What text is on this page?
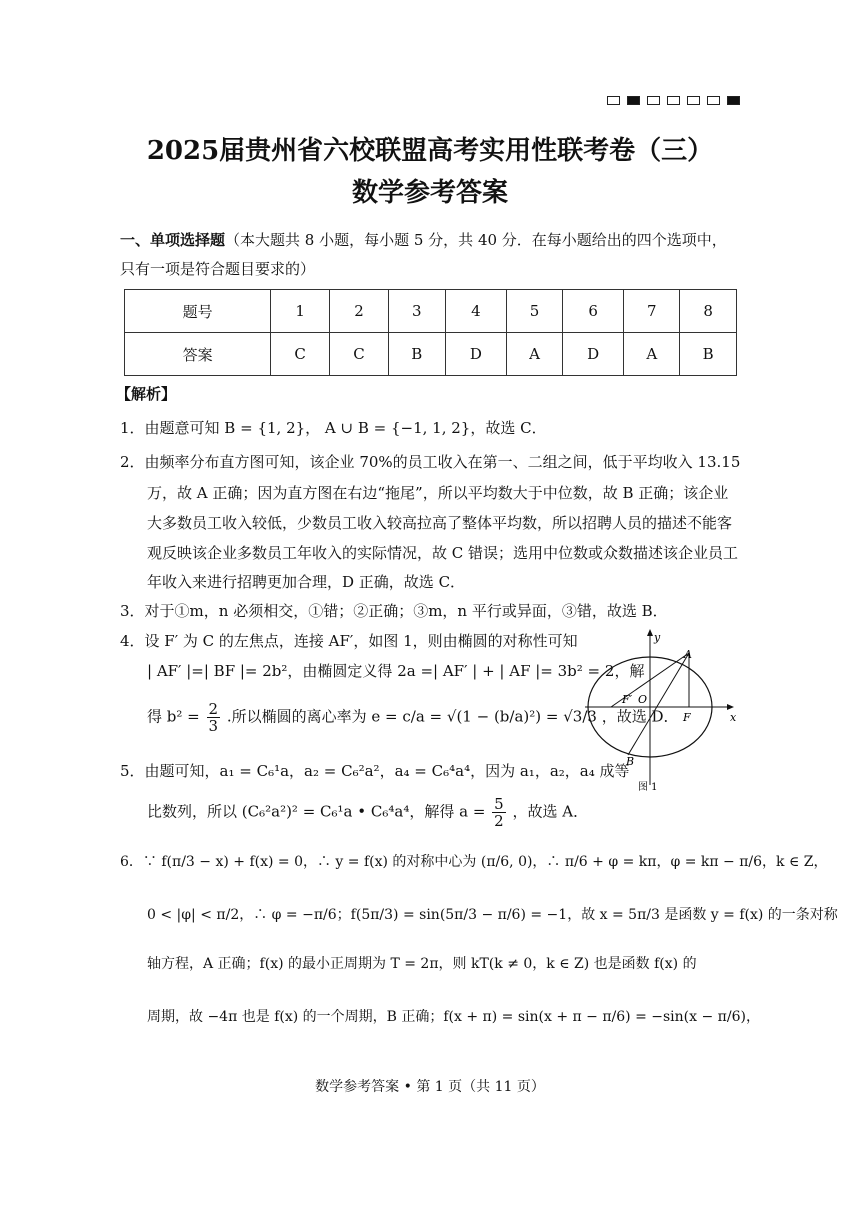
2025届贵州省六校联盟高考实用性联考卷（三）
数学参考答案
一、单项选择题（本大题共 8 小题，每小题 5 分，共 40 分．在每小题给出的四个选项中，只有一项是符合题目要求的）
题号	1	2	3	4	5	6	7	8
答案	C	C	B	D	A	D	A	B
【解析】
1．由题意可知 B = {1, 2}， A ∪ B = {−1, 1, 2}，故选 C．
2．由频率分布直方图可知，该企业 70%的员工收入在第一、二组之间，低于平均收入 13.15
万，故 A 正确；因为直方图在右边“拖尾”，所以平均数大于中位数，故 B 正确；该企业
大多数员工收入较低，少数员工收入较高拉高了整体平均数，所以招聘人员的描述不能客
观反映该企业多数员工年收入的实际情况，故 C 错误；选用中位数或众数描述该企业员工
年收入来进行招聘更加合理，D 正确，故选 C．
3．对于①m，n 必须相交，①错；②正确；③m，n 平行或异面，③错，故选 B．
4．设 F′ 为 C 的左焦点，连接 AF′，如图 1，则由椭圆的对称性可知
| AF′ |=| BF |= 2b²，由椭圆定义得 2a =| AF′ | + | AF |= 3b² = 2，解
得 $b^2 = \frac{2}{3}$ .所以椭圆的离心率为 e = c/a = √(1 − (b/a)²) = √3/3 ，故选 D．
5．由题可知，a₁ = C₆¹a，a₂ = C₆²a²，a₄ = C₆⁴a⁴，因为 a₁，a₂，a₄ 成等
比数列，所以 (C₆²a²)² = C₆¹a • C₆⁴a⁴，解得 $a = \frac{5}{2}$ ，故选 A．
6．∵ f(π/3 − x) + f(x) = 0，∴ y = f(x) 的对称中心为 (π/6, 0)，∴ π/6 + φ = kπ，φ = kπ − π/6，k ∈ Z，
0 < |φ| < π/2，∴ φ = −π/6；f(5π/3) = sin(5π/3 − π/6) = −1，故 x = 5π/3 是函数 y = f(x) 的一条对称
轴方程，A 正确；f(x) 的最小正周期为 T = 2π，则 kT(k ≠ 0，k ∈ Z) 也是函数 f(x) 的
周期，故 −4π 也是 f(x) 的一个周期，B 正确；f(x + π) = sin(x + π − π/6) = −sin(x − π/6)，
y
x
A
B
F
F′ O
图 1
数学参考答案 • 第 1 页（共 11 页）
